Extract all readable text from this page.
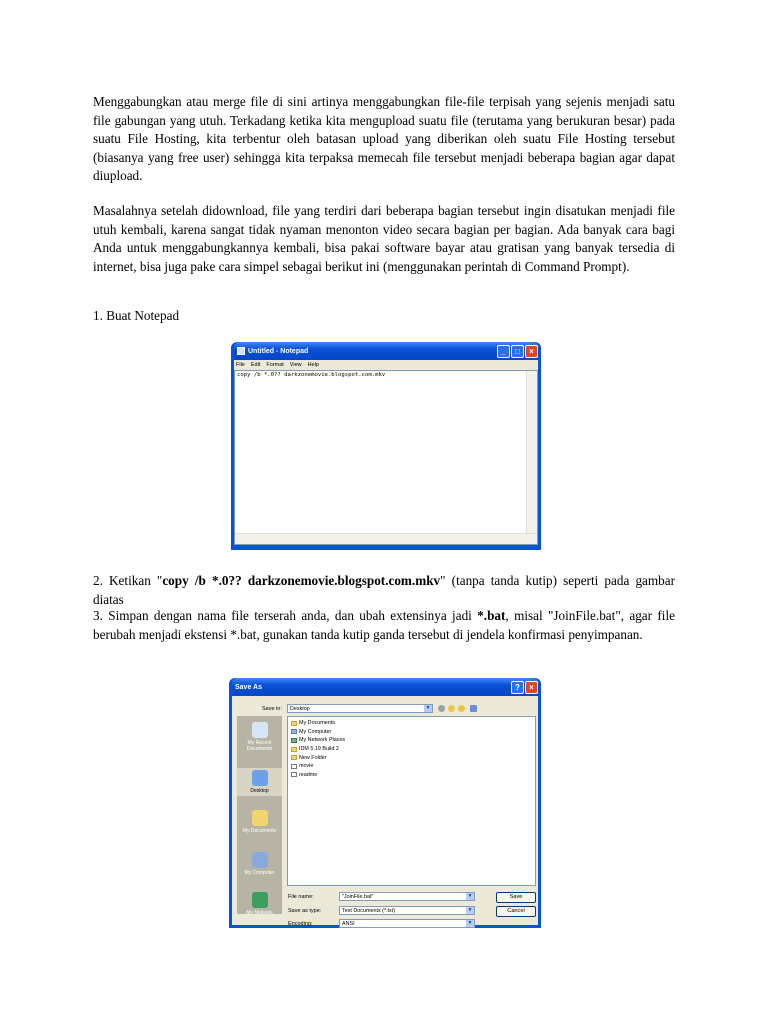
Menggabungkan atau merge file di sini artinya menggabungkan file-file terpisah yang sejenis menjadi satu file gabungan yang utuh. Terkadang ketika kita mengupload suatu file (terutama yang berukuran besar) pada suatu File Hosting, kita terbentur oleh batasan upload yang diberikan oleh suatu File Hosting tersebut (biasanya yang free user) sehingga kita terpaksa memecah file tersebut menjadi beberapa bagian agar dapat diupload.

Masalahnya setelah didownload, file yang terdiri dari beberapa bagian tersebut ingin disatukan menjadi file utuh kembali, karena sangat tidak nyaman menonton video secara bagian per bagian. Ada banyak cara bagi Anda untuk menggabungkannya kembali, bisa pakai software bayar atau gratisan yang banyak tersedia di internet, bisa juga pake cara simpel sebagai berikut ini (menggunakan perintah di Command Prompt).

1. Buat Notepad

Untitled - Notepad	_	□	×
File Edit Format View Help
copy /b *.0?? darkzonemovie.blogspot.com.mkv

2. Ketikan "copy /b *.0?? darkzonemovie.blogspot.com.mkv" (tanpa tanda kutip) seperti pada gambar diatas

3. Simpan dengan nama file terserah anda, dan ubah extensinya jadi *.bat, misal "JoinFile.bat", agar file berubah menjadi ekstensi *.bat, gunakan tanda kutip ganda tersebut di jendela konfirmasi penyimpanan.

Save As	?	×
Save in:	Desktop	▼
My Recent Documents
Desktop
My Documents
My Computer
My Network
My Documents
My Computer
My Network Places
IDM 5.19 Build 2
New Folder
movie
readme
File name:	"JoinFile.bat"	▼
Save as type:	Text Documents (*.txt)	▼
Encoding:	ANSI	▼
Save
Cancel
